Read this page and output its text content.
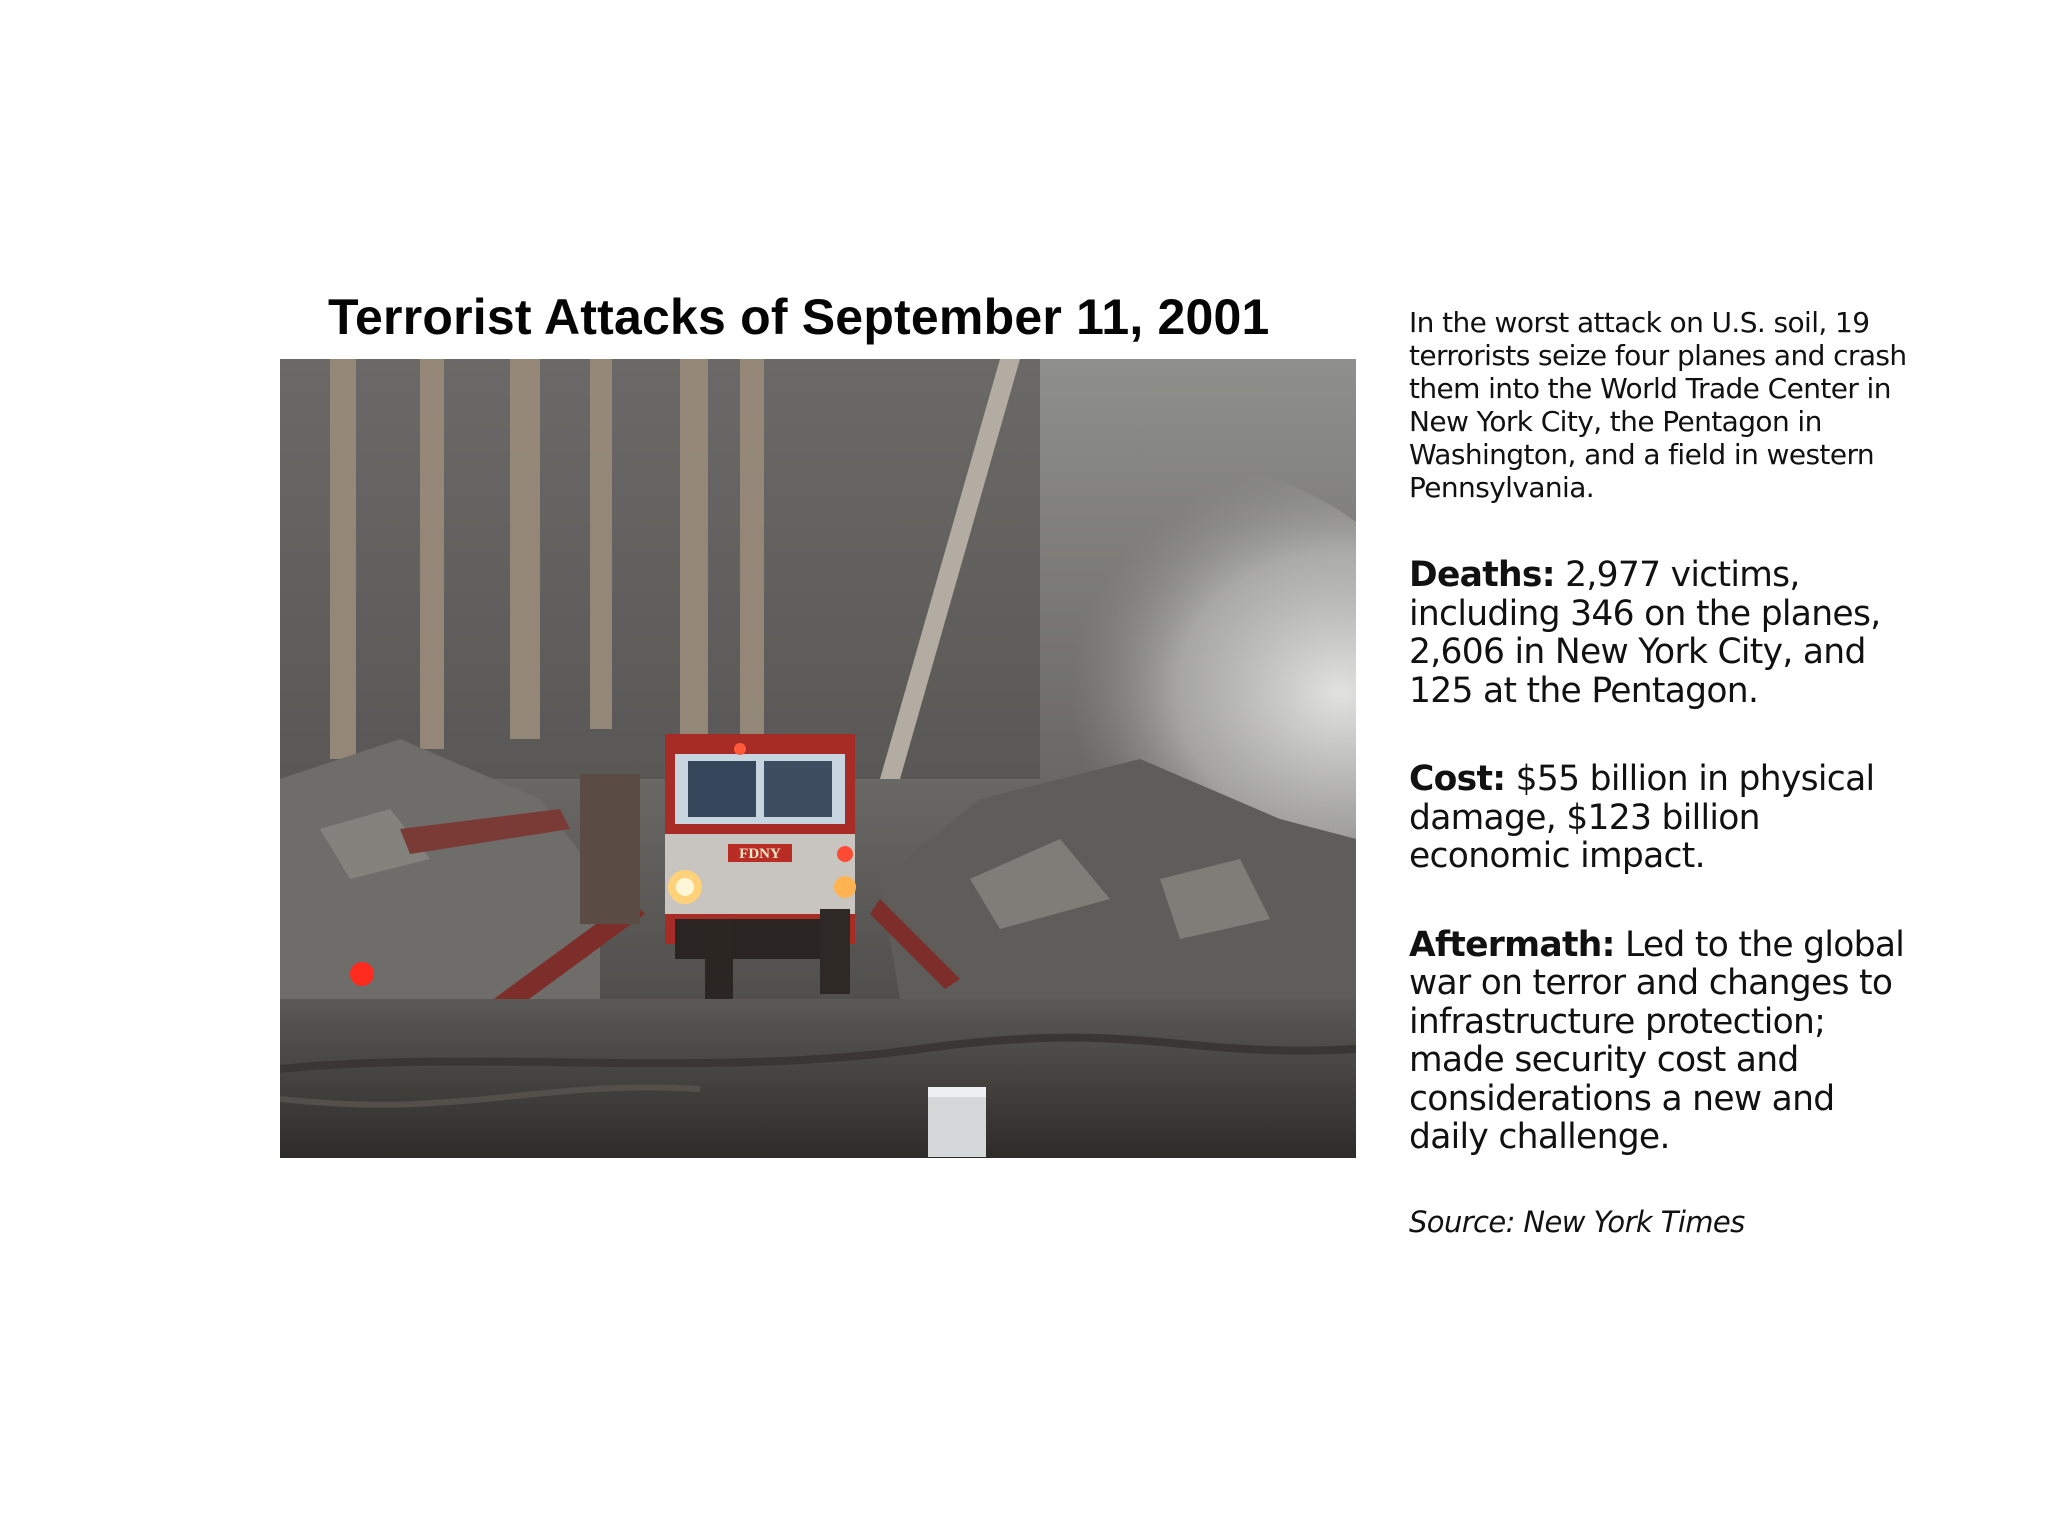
Terrorist Attacks of September 11, 2001
FDNY

In the worst attack on U.S. soil, 19 terrorists seize four planes and crash them into the World Trade Center in New York City, the Pentagon in Washington, and a field in western Pennsylvania.

Deaths: 2,977 victims, including 346 on the planes, 2,606 in New York City, and 125 at the Pentagon.

Cost: $55 billion in physical damage, $123 billion economic impact.

Aftermath: Led to the global war on terror and changes to infrastructure protection; made security cost and considerations a new and daily challenge.

Source: New York Times
